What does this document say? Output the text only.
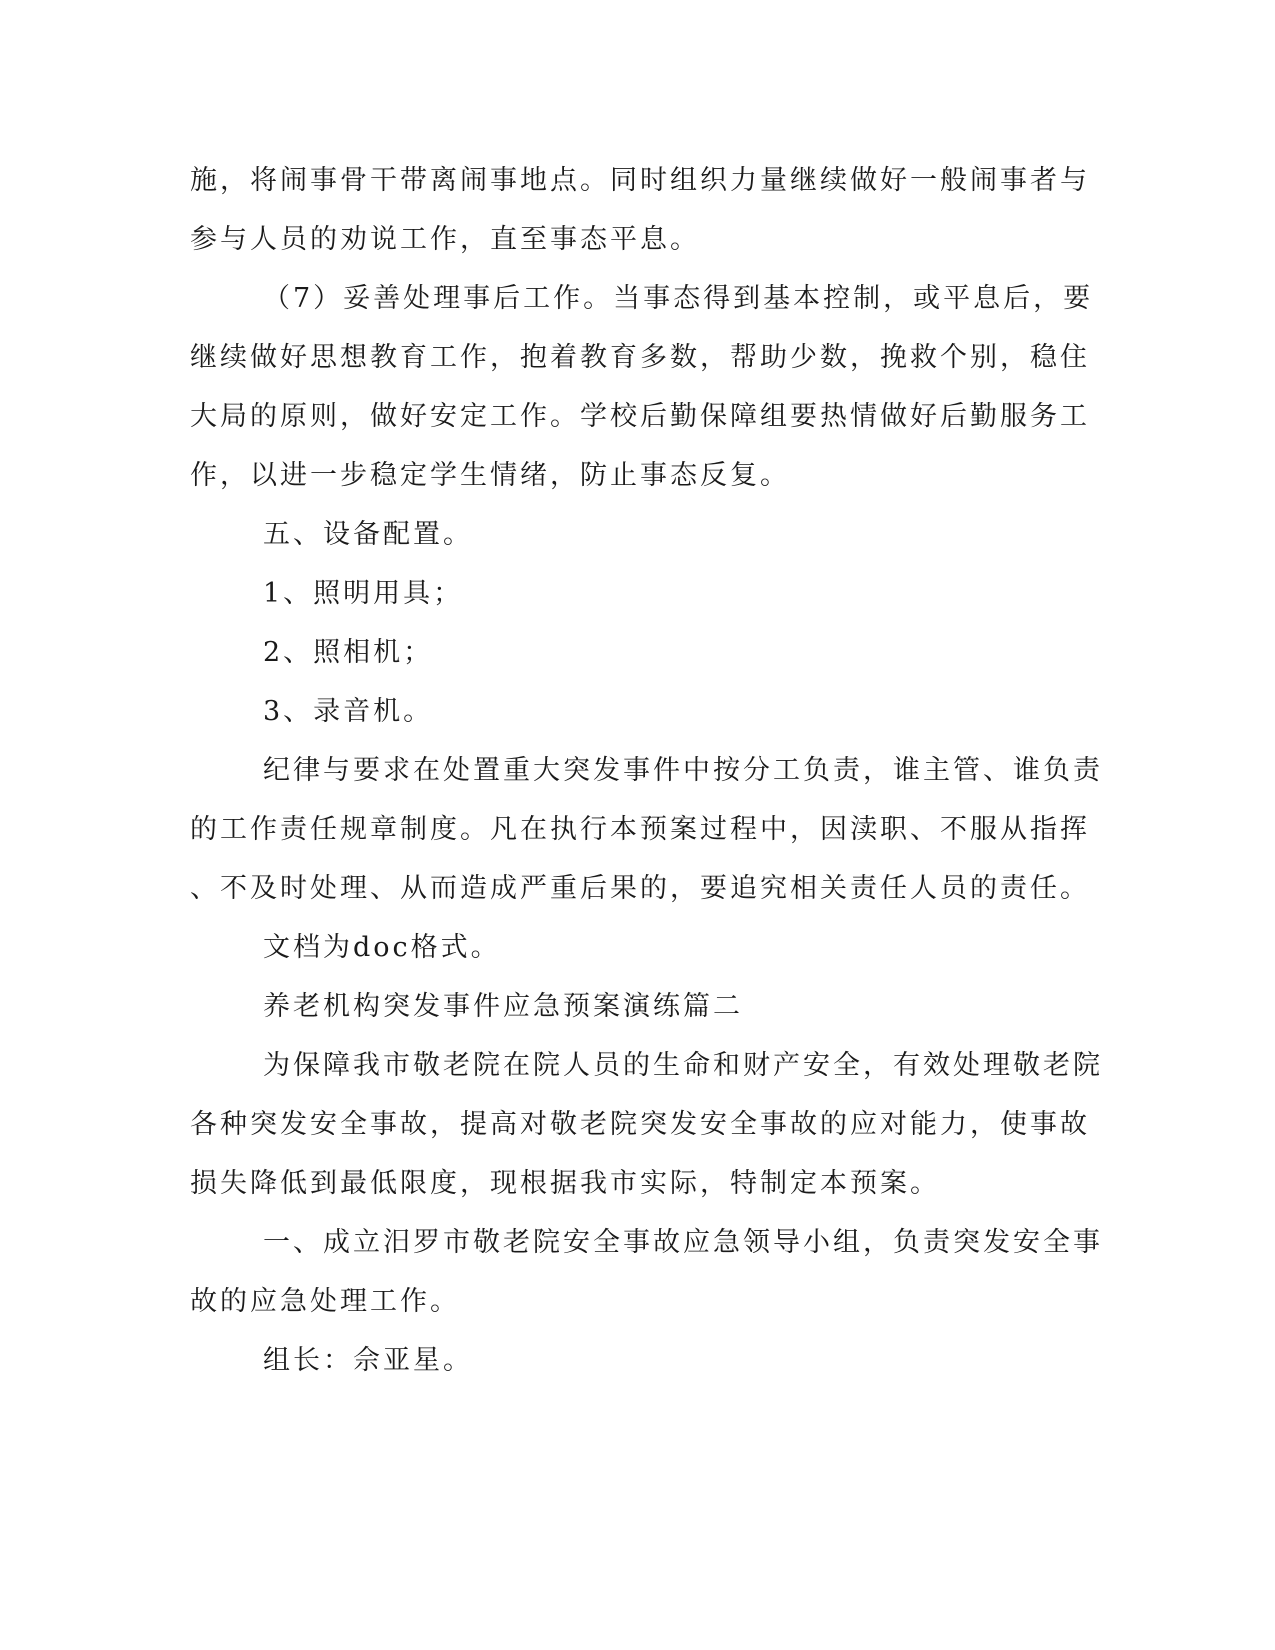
施，将闹事骨干带离闹事地点。同时组织力量继续做好一般闹事者与
参与人员的劝说工作，直至事态平息。
（7）妥善处理事后工作。当事态得到基本控制，或平息后，要
继续做好思想教育工作，抱着教育多数，帮助少数，挽救个别，稳住
大局的原则，做好安定工作。学校后勤保障组要热情做好后勤服务工
作，以进一步稳定学生情绪，防止事态反复。
五、设备配置。
1、照明用具；
2、照相机；
3、录音机。
纪律与要求在处置重大突发事件中按分工负责，谁主管、谁负责
的工作责任规章制度。凡在执行本预案过程中，因渎职、不服从指挥
、不及时处理、从而造成严重后果的，要追究相关责任人员的责任。
文档为doc格式。
养老机构突发事件应急预案演练篇二
为保障我市敬老院在院人员的生命和财产安全，有效处理敬老院
各种突发安全事故，提高对敬老院突发安全事故的应对能力，使事故
损失降低到最低限度，现根据我市实际，特制定本预案。
一、成立汨罗市敬老院安全事故应急领导小组，负责突发安全事
故的应急处理工作。
组长：佘亚星。
